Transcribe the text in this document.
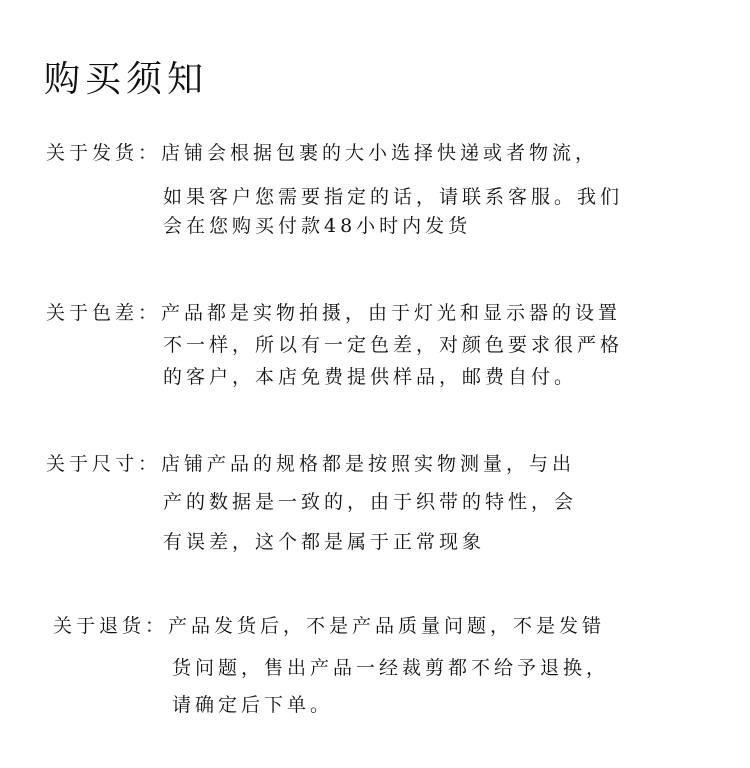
购买须知
关于发货：店铺会根据包裹的大小选择快递或者物流，
如果客户您需要指定的话，请联系客服。我们
会在您购买付款48小时内发货
关于色差：产品都是实物拍摄，由于灯光和显示器的设置
不一样，所以有一定色差，对颜色要求很严格
的客户，本店免费提供样品，邮费自付。
关于尺寸：店铺产品的规格都是按照实物测量，与出
产的数据是一致的，由于织带的特性，会
有误差，这个都是属于正常现象
关于退货：产品发货后，不是产品质量问题，不是发错
货问题，售出产品一经裁剪都不给予退换，
请确定后下单。
